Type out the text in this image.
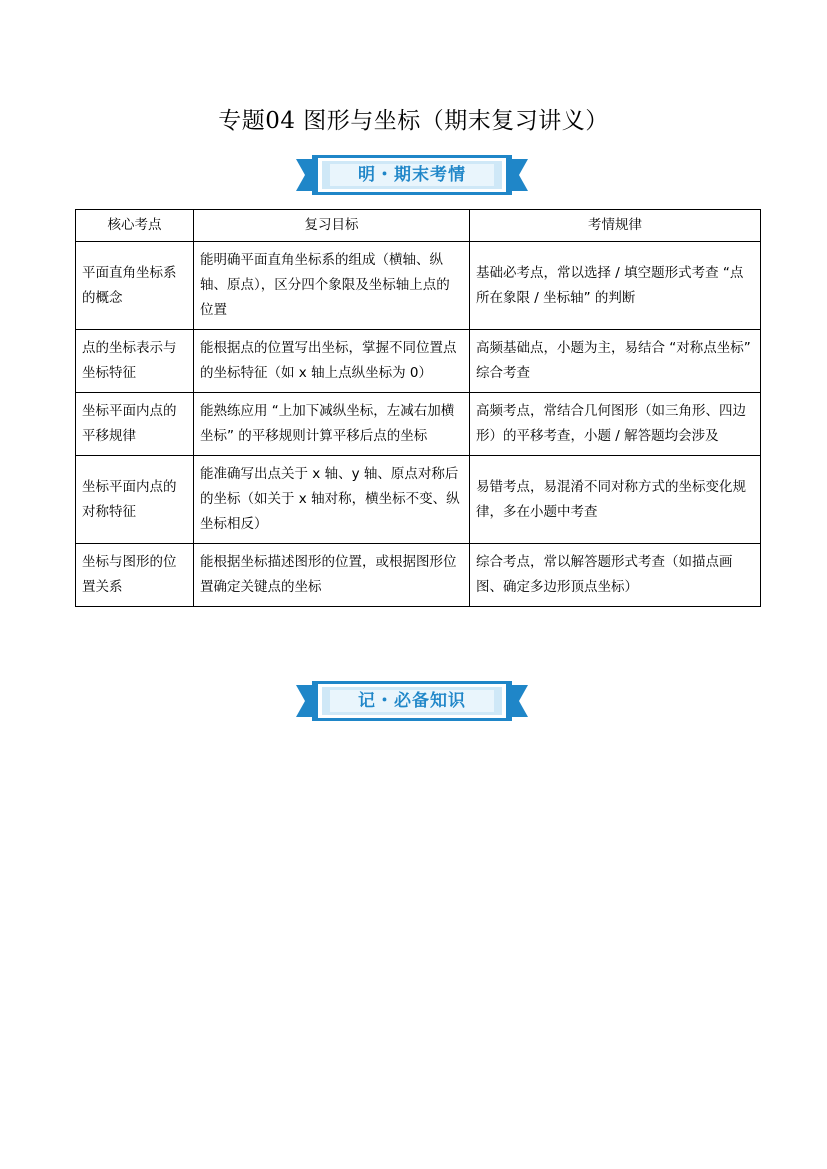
专题04 图形与坐标（期末复习讲义）
明・期末考情
核心考点	复习目标	考情规律
平面直角坐标系的概念	能明确平面直角坐标系的组成（横轴、纵轴、原点），区分四个象限及坐标轴上点的位置	基础必考点，常以选择 / 填空题形式考查 “点所在象限 / 坐标轴” 的判断
点的坐标表示与坐标特征	能根据点的位置写出坐标，掌握不同位置点的坐标特征（如 x 轴上点纵坐标为 0）	高频基础点，小题为主，易结合 “对称点坐标” 综合考查
坐标平面内点的平移规律	能熟练应用 “上加下减纵坐标，左减右加横坐标” 的平移规则计算平移后点的坐标	高频考点，常结合几何图形（如三角形、四边形）的平移考查，小题 / 解答题均会涉及
坐标平面内点的对称特征	能准确写出点关于 x 轴、y 轴、原点对称后的坐标（如关于 x 轴对称，横坐标不变、纵坐标相反）	易错考点，易混淆不同对称方式的坐标变化规律，多在小题中考查
坐标与图形的位置关系	能根据坐标描述图形的位置，或根据图形位置确定关键点的坐标	综合考点，常以解答题形式考查（如描点画图、确定多边形顶点坐标）
记・必备知识
